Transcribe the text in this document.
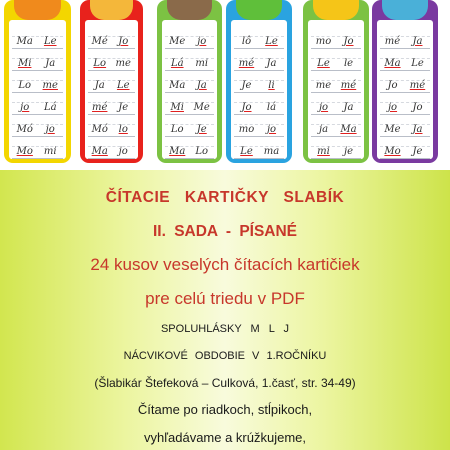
Ma	Le
Mi	Ja
Lo	me
jo	Lá
Mó	jo
Mo	mi
Mé	Jo
Lo me
Ja	Le
mé	Je
Mó	lo
Ma	jo
Me	jo
Lá	mi
Ma	Ja
Mi Me
Lo	Je
Ma	Lo
lô	Le
mé	Ja
Je	li
Jo	lá
mo	jo
Le	ma
mo	Jo
Le	le
me mé
jo	Ja
ja	Ma
mi	je
mé	Ja
Ma	Le
Jo	mé
jo	Jo
Me	Ja
Mo	Je
ČÍTACIE KARTIČKY SLABÍK
II. SADA - PÍSANÉ
24 kusov veselých čítacích kartičiek
pre celú triedu v PDF
SPOLUHLÁSKY M L J
NÁCVIKOVÉ OBDOBIE V 1.ROČNÍKU
(Šlabikár Štefeková – Culková, 1.časť, str. 34-49)
Čítame po riadkoch, stĺpikoch,
vyhľadávame a krúžkujeme,
